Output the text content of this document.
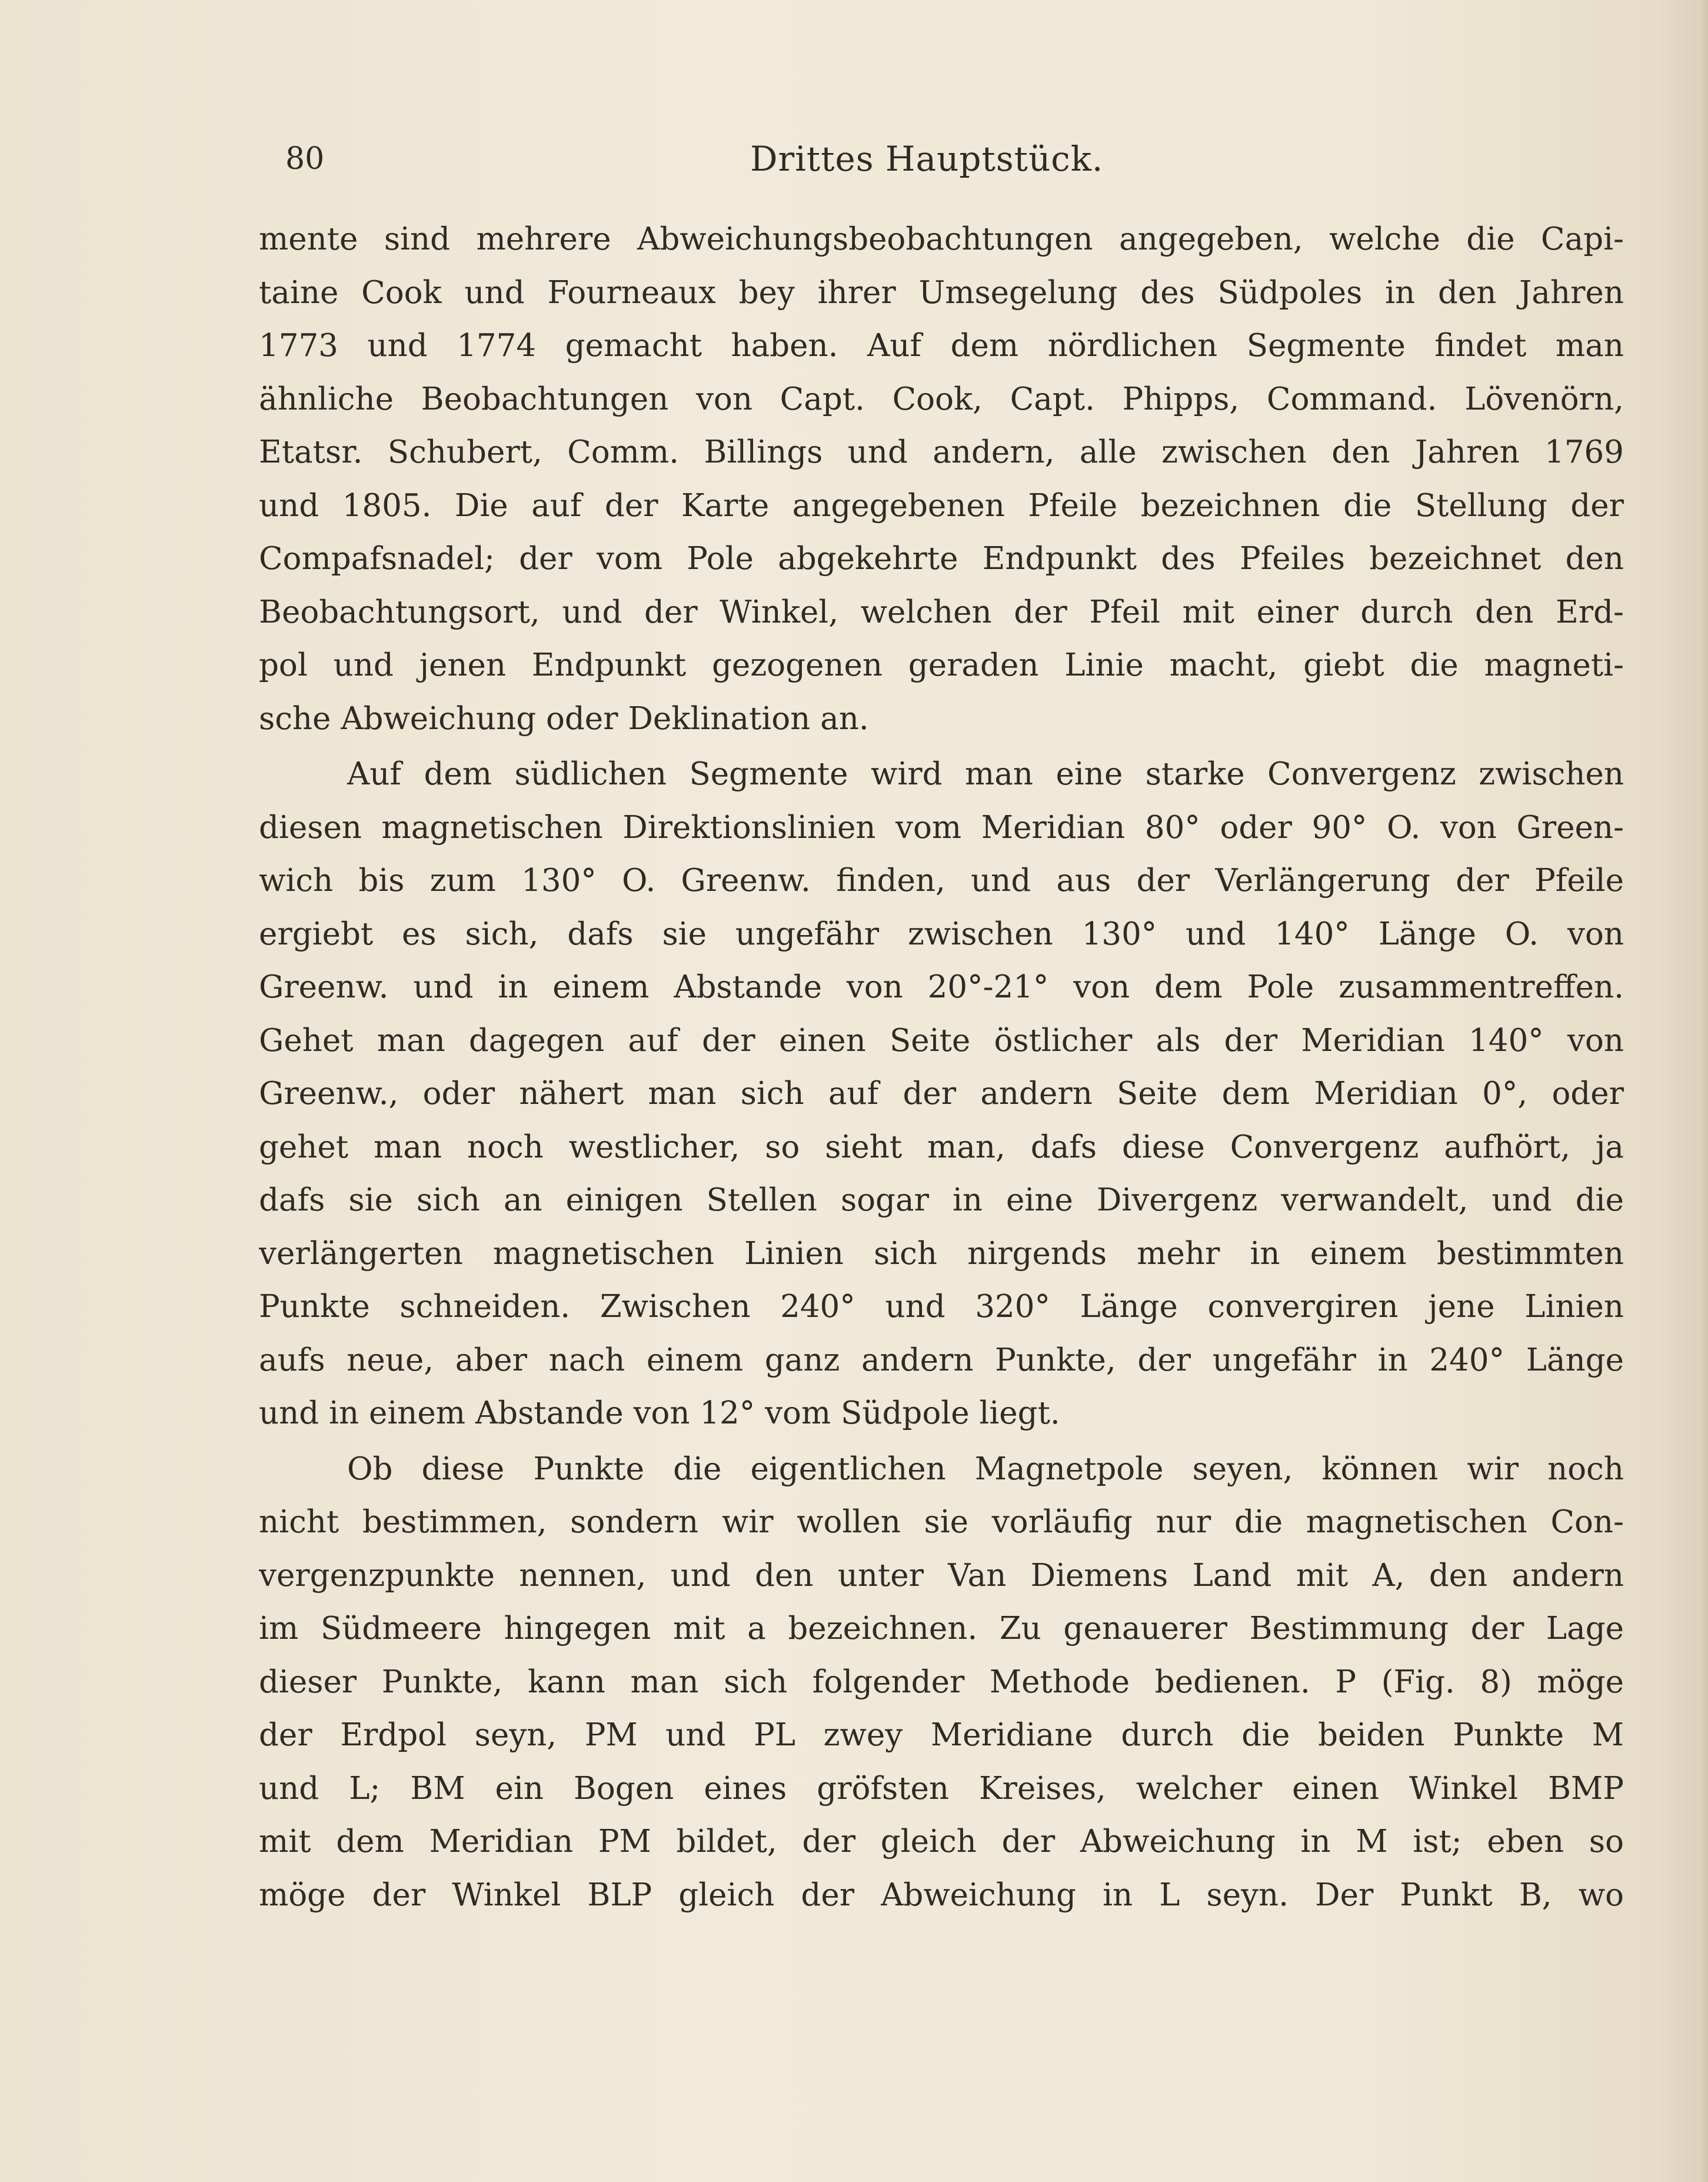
80	Drittes Hauptstück.
mente sind mehrere Abweichungsbeobachtungen angegeben, welche die Capi-
taine Cook und Fourneaux bey ihrer Umsegelung des Südpoles in den Jahren
1773 und 1774 gemacht haben. Auf dem nördlichen Segmente findet man
ähnliche Beobachtungen von Capt. Cook, Capt. Phipps, Command. Lövenörn,
Etatsr. Schubert, Comm. Billings und andern, alle zwischen den Jahren 1769
und 1805. Die auf der Karte angegebenen Pfeile bezeichnen die Stellung der
Compafsnadel; der vom Pole abgekehrte Endpunkt des Pfeiles bezeichnet den
Beobachtungsort, und der Winkel, welchen der Pfeil mit einer durch den Erd-
pol und jenen Endpunkt gezogenen geraden Linie macht, giebt die magneti-
sche Abweichung oder Deklination an.
Auf dem südlichen Segmente wird man eine starke Convergenz zwischen
diesen magnetischen Direktionslinien vom Meridian 80° oder 90° O. von Green-
wich bis zum 130° O. Greenw. finden, und aus der Verlängerung der Pfeile
ergiebt es sich, dafs sie ungefähr zwischen 130° und 140° Länge O. von
Greenw. und in einem Abstande von 20°-21° von dem Pole zusammentreffen.
Gehet man dagegen auf der einen Seite östlicher als der Meridian 140° von
Greenw., oder nähert man sich auf der andern Seite dem Meridian 0°, oder
gehet man noch westlicher, so sieht man, dafs diese Convergenz aufhört, ja
dafs sie sich an einigen Stellen sogar in eine Divergenz verwandelt, und die
verlängerten magnetischen Linien sich nirgends mehr in einem bestimmten
Punkte schneiden. Zwischen 240° und 320° Länge convergiren jene Linien
aufs neue, aber nach einem ganz andern Punkte, der ungefähr in 240° Länge
und in einem Abstande von 12° vom Südpole liegt.
Ob diese Punkte die eigentlichen Magnetpole seyen, können wir noch
nicht bestimmen, sondern wir wollen sie vorläufig nur die magnetischen Con-
vergenzpunkte nennen, und den unter Van Diemens Land mit A, den andern
im Südmeere hingegen mit a bezeichnen. Zu genauerer Bestimmung der Lage
dieser Punkte, kann man sich folgender Methode bedienen. P (Fig. 8) möge
der Erdpol seyn, PM und PL zwey Meridiane durch die beiden Punkte M
und L; BM ein Bogen eines gröfsten Kreises, welcher einen Winkel BMP
mit dem Meridian PM bildet, der gleich der Abweichung in M ist; eben so
möge der Winkel BLP gleich der Abweichung in L seyn. Der Punkt B, wo
